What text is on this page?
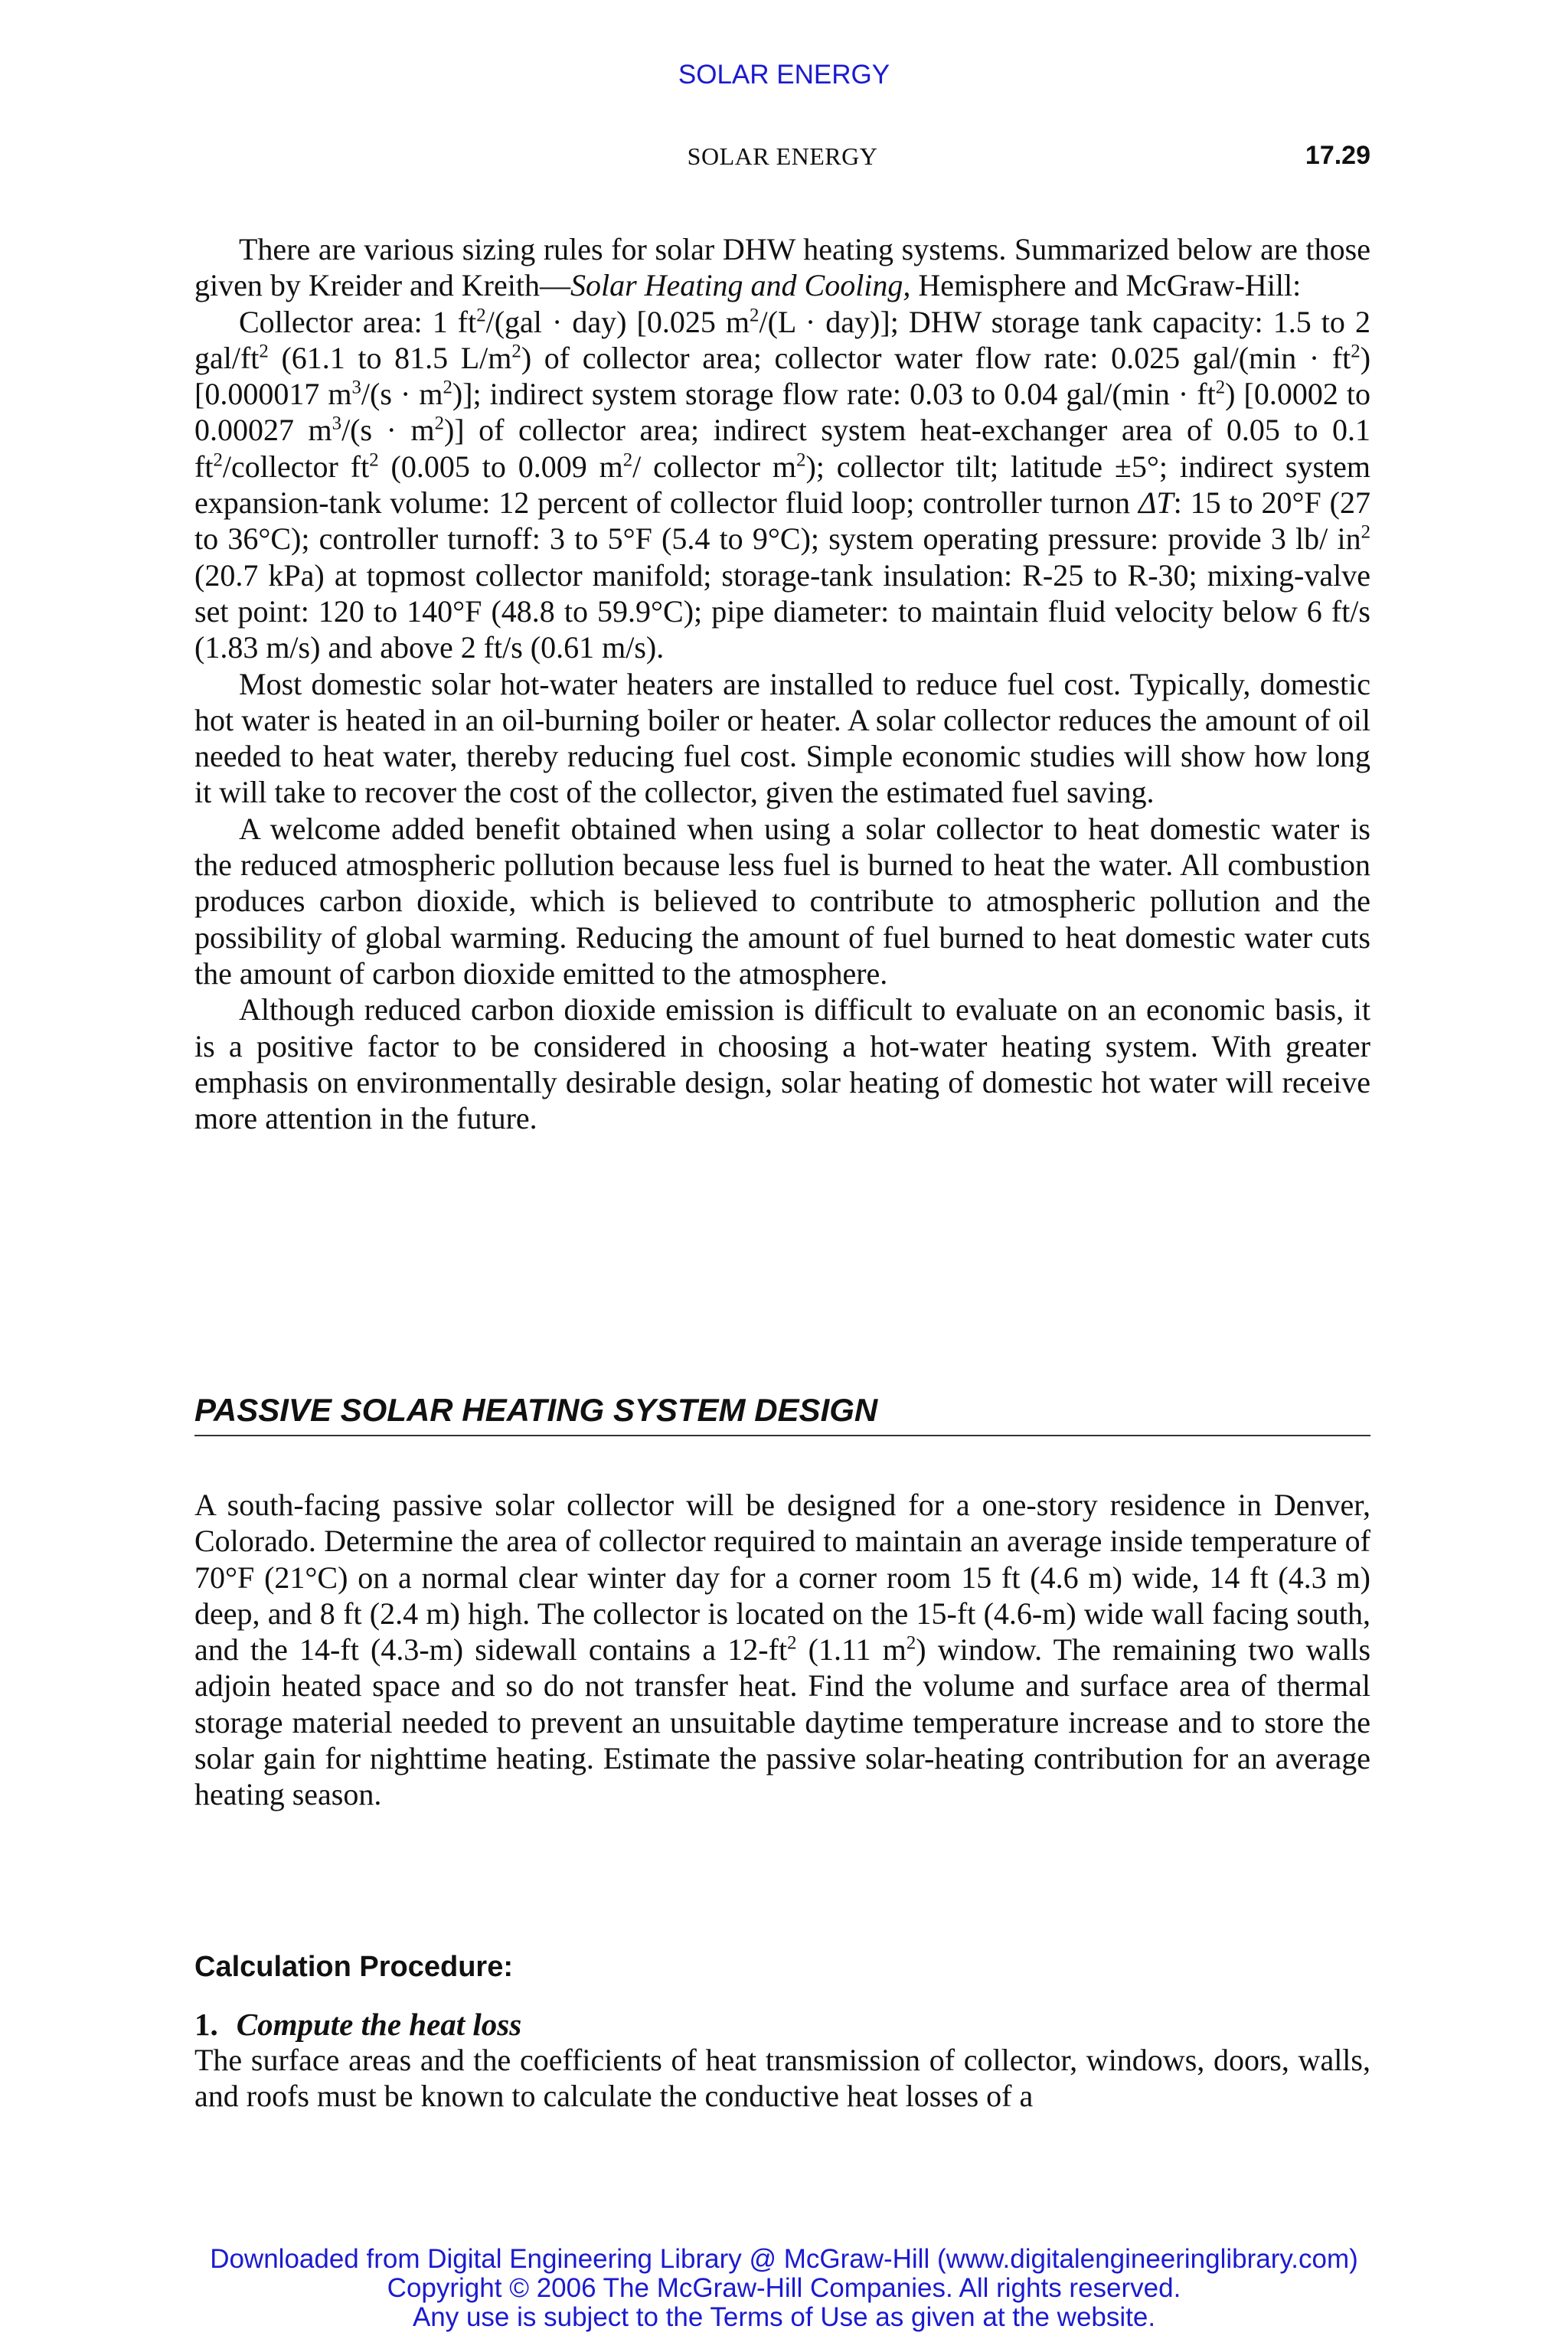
SOLAR ENERGY
SOLAR ENERGY	17.29

There are various sizing rules for solar DHW heating systems. Summarized below are those given by Kreider and Kreith—Solar Heating and Cooling, Hemisphere and McGraw-Hill:

Collector area: 1 $ft^2/(gal \cdot day)$ [0.025 $m^2/(L \cdot day)$]; DHW storage tank capacity: 1.5 to 2 gal/$ft^2$ (61.1 to 81.5 $L/m^2$) of collector area; collector water flow rate: 0.025 $gal/(\min \cdot ft^2)$ [0.000017 $m^3/(s \cdot m^2)$]; indirect system storage flow rate: 0.03 to 0.04 $gal/(\min \cdot ft^2)$ [0.0002 to 0.00027 $m^3/(s \cdot m^2)$] of collector area; indirect system heat-exchanger area of 0.05 to 0.1 $ft^2$/collector $ft^2$ (0.005 to 0.009 $m^2/$ collector $m^2$); collector tilt; latitude ±5°; indirect system expansion-tank volume: 12 percent of collector fluid loop; controller turnon ΔT: 15 to 20°F (27 to 36°C); controller turnoff: 3 to 5°F (5.4 to 9°C); system operating pressure: provide 3 lb/ $in^2$ (20.7 kPa) at topmost collector manifold; storage-tank insulation: R-25 to R-30; mixing-valve set point: 120 to 140°F (48.8 to 59.9°C); pipe diameter: to maintain fluid velocity below 6 ft/s (1.83 m/s) and above 2 ft/s (0.61 m/s).

Most domestic solar hot-water heaters are installed to reduce fuel cost. Typically, domestic hot water is heated in an oil-burning boiler or heater. A solar collector reduces the amount of oil needed to heat water, thereby reducing fuel cost. Simple economic studies will show how long it will take to recover the cost of the collector, given the estimated fuel saving.

A welcome added benefit obtained when using a solar collector to heat domestic water is the reduced atmospheric pollution because less fuel is burned to heat the water. All combustion produces carbon dioxide, which is believed to contribute to atmospheric pollution and the possibility of global warming. Reducing the amount of fuel burned to heat domestic water cuts the amount of carbon dioxide emitted to the atmosphere.

Although reduced carbon dioxide emission is difficult to evaluate on an economic basis, it is a positive factor to be considered in choosing a hot-water heating system. With greater emphasis on environmentally desirable design, solar heating of domestic hot water will receive more attention in the future.

PASSIVE SOLAR HEATING SYSTEM DESIGN

A south-facing passive solar collector will be designed for a one-story residence in Denver, Colorado. Determine the area of collector required to maintain an average inside temperature of 70°F (21°C) on a normal clear winter day for a corner room 15 ft (4.6 m) wide, 14 ft (4.3 m) deep, and 8 ft (2.4 m) high. The collector is located on the 15-ft (4.6-m) wide wall facing south, and the 14-ft (4.3-m) sidewall contains a $12-ft^2$ (1.11 $m^2$) window. The remaining two walls adjoin heated space and so do not transfer heat. Find the volume and surface area of thermal storage material needed to prevent an unsuitable daytime temperature increase and to store the solar gain for nighttime heating. Estimate the passive solar-heating contribution for an average heating season.

Calculation Procedure:
1. Compute the heat loss

The surface areas and the coefficients of heat transmission of collector, windows, doors, walls, and roofs must be known to calculate the conductive heat losses of a

Downloaded from Digital Engineering Library @ McGraw-Hill (www.digitalengineeringlibrary.com)
Copyright © 2006 The McGraw-Hill Companies. All rights reserved.
Any use is subject to the Terms of Use as given at the website.
